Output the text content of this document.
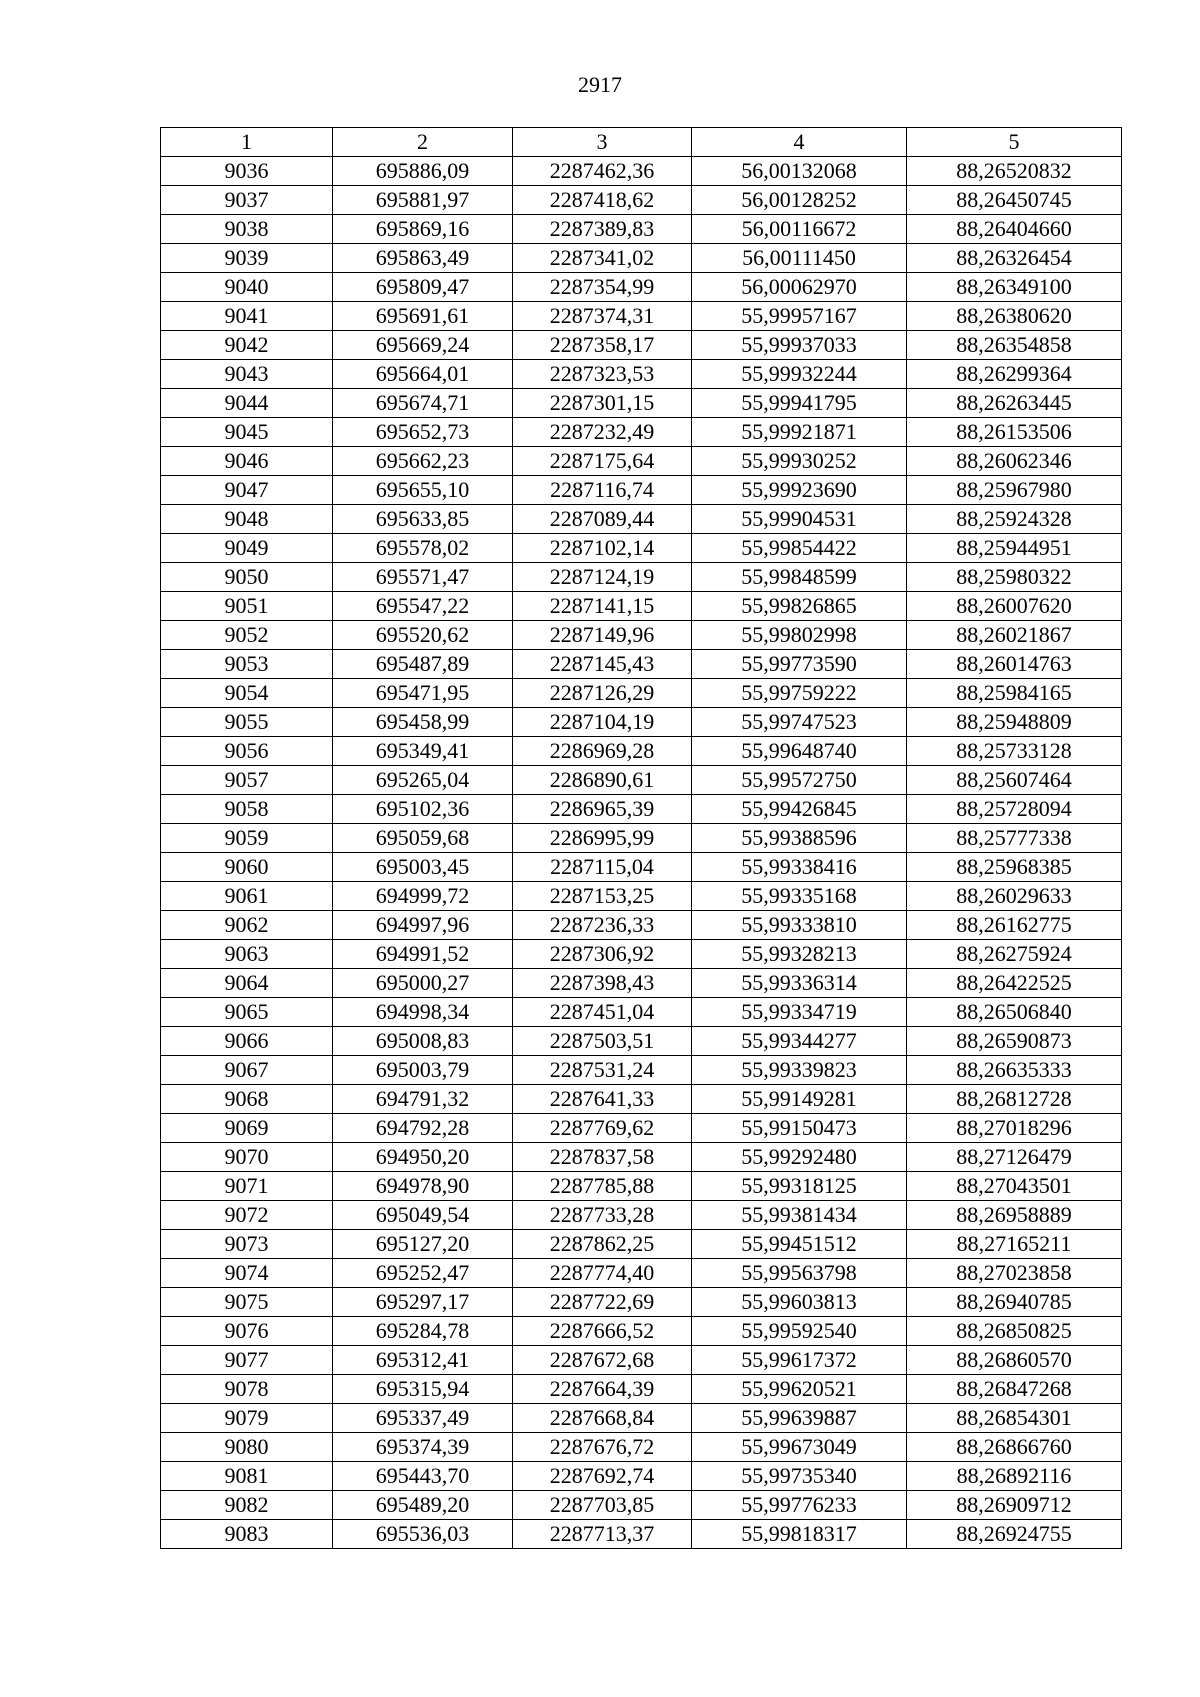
2917
1	2	3	4	5
9036	695886,09	2287462,36	56,00132068	88,26520832
9037	695881,97	2287418,62	56,00128252	88,26450745
9038	695869,16	2287389,83	56,00116672	88,26404660
9039	695863,49	2287341,02	56,00111450	88,26326454
9040	695809,47	2287354,99	56,00062970	88,26349100
9041	695691,61	2287374,31	55,99957167	88,26380620
9042	695669,24	2287358,17	55,99937033	88,26354858
9043	695664,01	2287323,53	55,99932244	88,26299364
9044	695674,71	2287301,15	55,99941795	88,26263445
9045	695652,73	2287232,49	55,99921871	88,26153506
9046	695662,23	2287175,64	55,99930252	88,26062346
9047	695655,10	2287116,74	55,99923690	88,25967980
9048	695633,85	2287089,44	55,99904531	88,25924328
9049	695578,02	2287102,14	55,99854422	88,25944951
9050	695571,47	2287124,19	55,99848599	88,25980322
9051	695547,22	2287141,15	55,99826865	88,26007620
9052	695520,62	2287149,96	55,99802998	88,26021867
9053	695487,89	2287145,43	55,99773590	88,26014763
9054	695471,95	2287126,29	55,99759222	88,25984165
9055	695458,99	2287104,19	55,99747523	88,25948809
9056	695349,41	2286969,28	55,99648740	88,25733128
9057	695265,04	2286890,61	55,99572750	88,25607464
9058	695102,36	2286965,39	55,99426845	88,25728094
9059	695059,68	2286995,99	55,99388596	88,25777338
9060	695003,45	2287115,04	55,99338416	88,25968385
9061	694999,72	2287153,25	55,99335168	88,26029633
9062	694997,96	2287236,33	55,99333810	88,26162775
9063	694991,52	2287306,92	55,99328213	88,26275924
9064	695000,27	2287398,43	55,99336314	88,26422525
9065	694998,34	2287451,04	55,99334719	88,26506840
9066	695008,83	2287503,51	55,99344277	88,26590873
9067	695003,79	2287531,24	55,99339823	88,26635333
9068	694791,32	2287641,33	55,99149281	88,26812728
9069	694792,28	2287769,62	55,99150473	88,27018296
9070	694950,20	2287837,58	55,99292480	88,27126479
9071	694978,90	2287785,88	55,99318125	88,27043501
9072	695049,54	2287733,28	55,99381434	88,26958889
9073	695127,20	2287862,25	55,99451512	88,27165211
9074	695252,47	2287774,40	55,99563798	88,27023858
9075	695297,17	2287722,69	55,99603813	88,26940785
9076	695284,78	2287666,52	55,99592540	88,26850825
9077	695312,41	2287672,68	55,99617372	88,26860570
9078	695315,94	2287664,39	55,99620521	88,26847268
9079	695337,49	2287668,84	55,99639887	88,26854301
9080	695374,39	2287676,72	55,99673049	88,26866760
9081	695443,70	2287692,74	55,99735340	88,26892116
9082	695489,20	2287703,85	55,99776233	88,26909712
9083	695536,03	2287713,37	55,99818317	88,26924755
